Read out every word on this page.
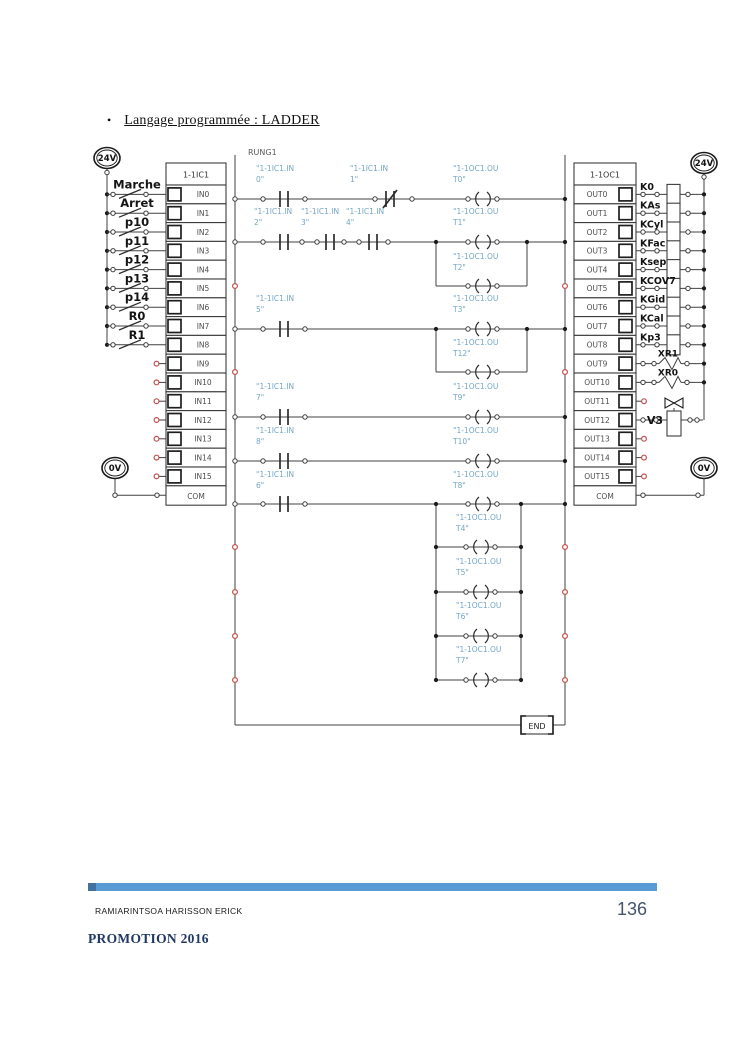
• Langage programmée : LADDER
Marche
Arret
p10
p11
p12
p13
p14
R0
R1
1-1IC1
IN0
IN1
IN2
IN3
IN4
IN5
IN6
IN7
IN8
IN9
IN10
IN11
IN12
IN13
IN14
IN15
COM
24V
0V
K0
KAs
KCyl
KFac
Ksep
KCOV7
KGid
KCal
Kp3
XR1
XR0
V3
1-1OC1
OUT0
OUT1
OUT2
OUT3
OUT4
OUT5
OUT6
OUT7
OUT8
OUT9
OUT10
OUT11
OUT12
OUT13
OUT14
OUT15
COM
24V
0V
END
RUNG1
"1-1IC1.IN
0"
"1-1IC1.IN
1"
"1-1OC1.OU
T0"
"1-1IC1.IN
2"
"1-1IC1.IN
3"
"1-1IC1.IN
4"
"1-1OC1.OU
T1"
"1-1OC1.OU
T2"
"1-1IC1.IN
5"
"1-1OC1.OU
T3"
"1-1OC1.OU
T12"
"1-1IC1.IN
7"
"1-1OC1.OU
T9"
"1-1IC1.IN
8"
"1-1OC1.OU
T10"
"1-1IC1.IN
6"
"1-1OC1.OU
T8"
"1-1OC1.OU
T4"
"1-1OC1.OU
T5"
"1-1OC1.OU
T6"
"1-1OC1.OU
T7"
RAMIARINTSOA HARISSON ERICK	136
PROMOTION 2016
